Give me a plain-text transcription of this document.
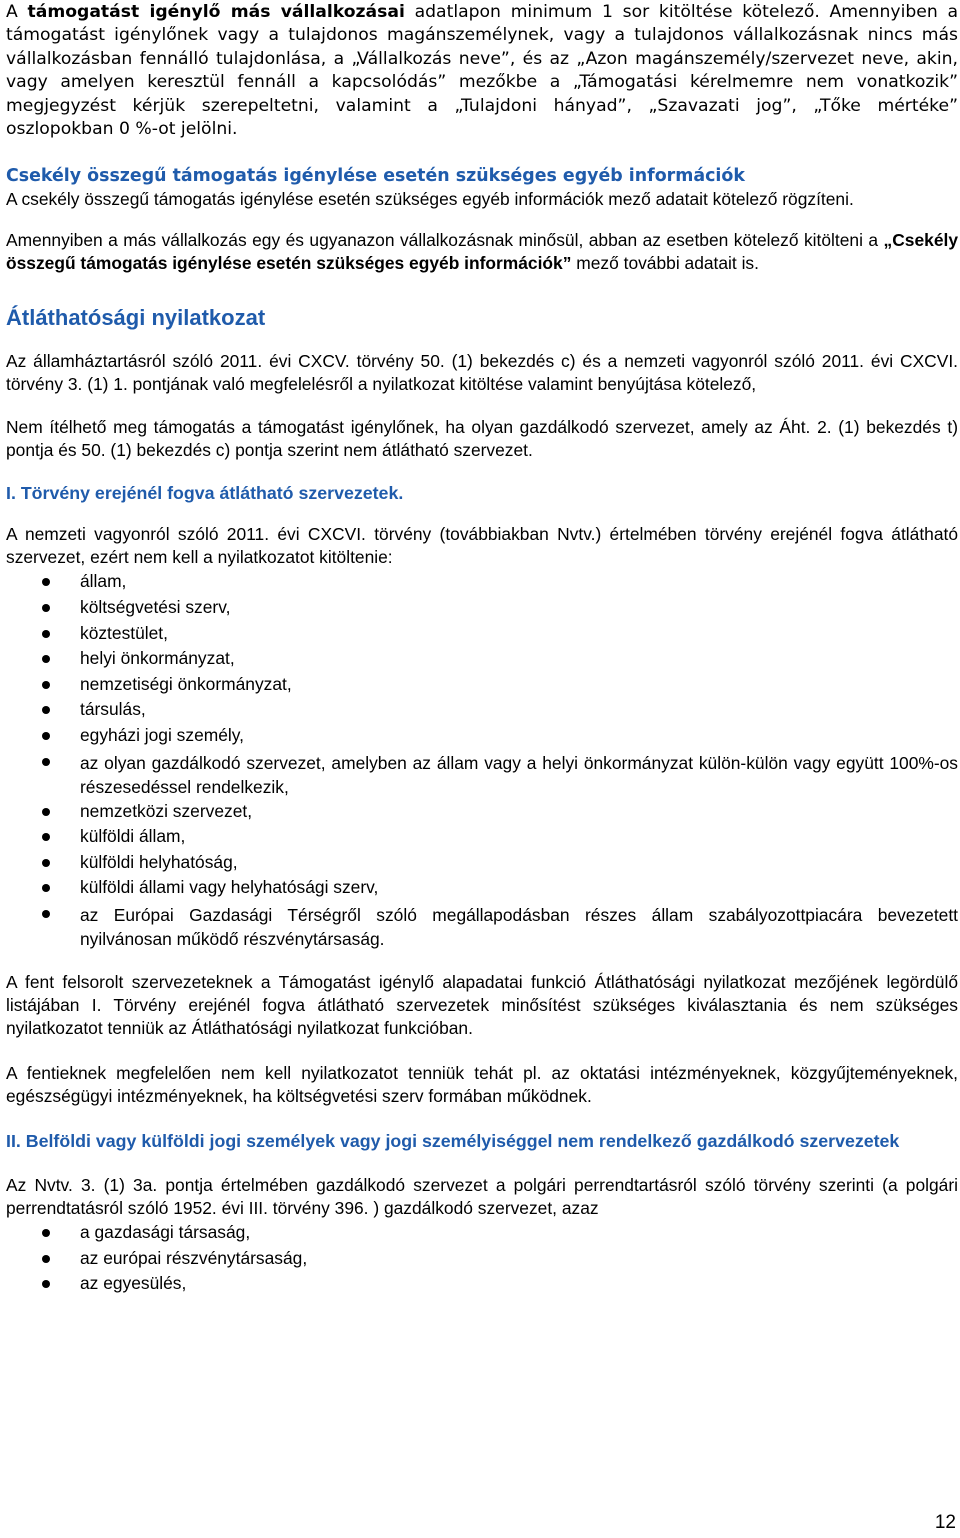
A támogatást igénylő más vállalkozásai adatlapon minimum 1 sor kitöltése kötelező. Amennyiben a támogatást igénylőnek vagy a tulajdonos magánszemélynek, vagy a tulajdonos vállalkozásnak nincs más vállalkozásban fennálló tulajdonlása, a „Vállalkozás neve”, és az „Azon magánszemély/szervezet neve, akin, vagy amelyen keresztül fennáll a kapcsolódás” mezőkbe a „Támogatási kérelmemre nem vonatkozik” megjegyzést kérjük szerepeltetni, valamint a „Tulajdoni hányad”, „Szavazati jog”, „Tőke mértéke” oszlopokban 0 %-ot jelölni.

Csekély összegű támogatás igénylése esetén szükséges egyéb információk

A csekély összegű támogatás igénylése esetén szükséges egyéb információk mező adatait kötelező rögzíteni.

Amennyiben a más vállalkozás egy és ugyanazon vállalkozásnak minősül, abban az esetben kötelező kitölteni a „Csekély összegű támogatás igénylése esetén szükséges egyéb információk” mező további adatait is.

Átláthatósági nyilatkozat

Az államháztartásról szóló 2011. évi CXCV. törvény 50. (1) bekezdés c) és a nemzeti vagyonról szóló 2011. évi CXCVI. törvény 3. (1) 1. pontjának való megfelelésről a nyilatkozat kitöltése valamint benyújtása kötelező,

Nem ítélhető meg támogatás a támogatást igénylőnek, ha olyan gazdálkodó szervezet, amely az Áht. 2. (1) bekezdés t) pontja és 50. (1) bekezdés c) pontja szerint nem átlátható szervezet.

I. Törvény erejénél fogva átlátható szervezetek.

A nemzeti vagyonról szóló 2011. évi CXCVI. törvény (továbbiakban Nvtv.) értelmében törvény erejénél fogva átlátható szervezet, ezért nem kell a nyilatkozatot kitöltenie:

állam,
költségvetési szerv,
köztestület,
helyi önkormányzat,
nemzetiségi önkormányzat,
társulás,
egyházi jogi személy,
az olyan gazdálkodó szervezet, amelyben az állam vagy a helyi önkormányzat külön-külön vagy együtt 100%-os részesedéssel rendelkezik,
nemzetközi szervezet,
külföldi állam,
külföldi helyhatóság,
külföldi állami vagy helyhatósági szerv,
az Európai Gazdasági Térségről szóló megállapodásban részes állam szabályozottpiacára bevezetett nyilvánosan működő részvénytársaság.

A fent felsorolt szervezeteknek a Támogatást igénylő alapadatai funkció Átláthatósági nyilatkozat mezőjének legördülő listájában I. Törvény erejénél fogva átlátható szervezetek minősítést szükséges kiválasztania és nem szükséges nyilatkozatot tenniük az Átláthatósági nyilatkozat funkcióban.

A fentieknek megfelelően nem kell nyilatkozatot tenniük tehát pl. az oktatási intézményeknek, közgyűjteményeknek, egészségügyi intézményeknek, ha költségvetési szerv formában működnek.

II. Belföldi vagy külföldi jogi személyek vagy jogi személyiséggel nem rendelkező gazdálkodó szervezetek

Az Nvtv. 3. (1) 3a. pontja értelmében gazdálkodó szervezet a polgári perrendtartásról szóló törvény szerinti (a polgári perrendtatásról szóló 1952. évi III. törvény 396. ) gazdálkodó szervezet, azaz

a gazdasági társaság,
az európai részvénytársaság,
az egyesülés,
12
